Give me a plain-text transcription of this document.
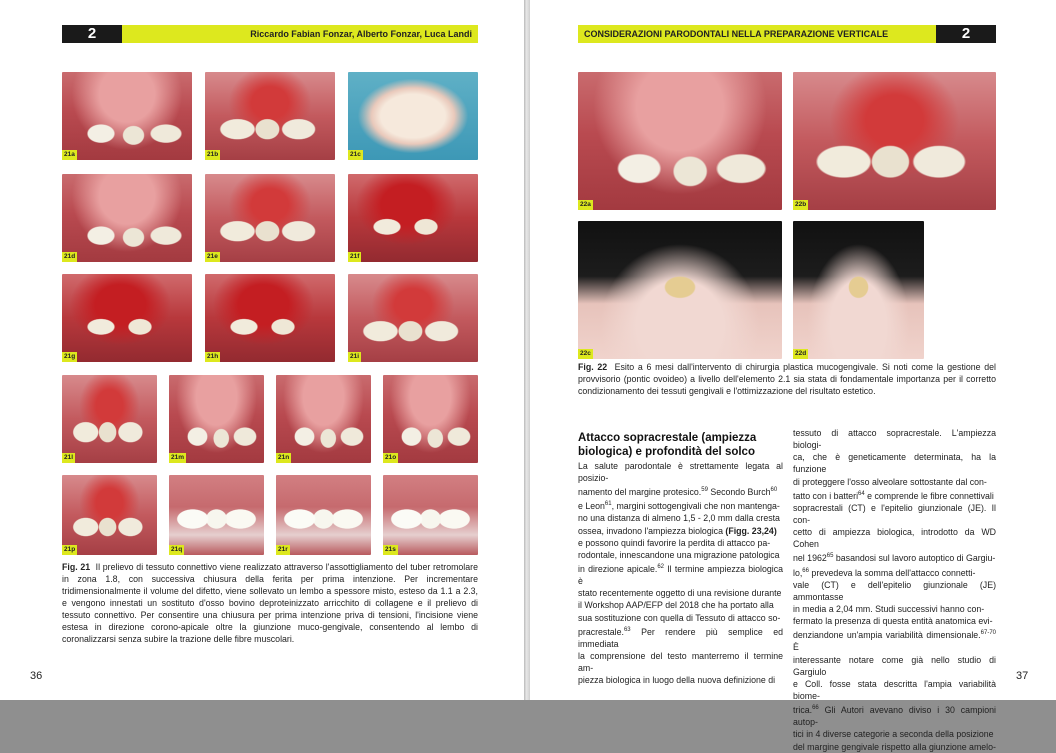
2	Riccardo Fabian Fonzar, Alberto Fonzar, Luca Landi
21a	21b	21c
21d	21e	21f
21g	21h	21i
21l	21m	21n	21o
21p	21q	21r	21s
Fig. 21 Il prelievo di tessuto connettivo viene realizzato attraverso l'assottigliamento del tuber retromolare in zona 1.8, con successiva chiusura della ferita per prima intenzione. Per incrementare tridimensionalmente il volume del difetto, viene sollevato un lembo a spessore misto, esteso da 1.1 a 2.3, e vengono innestati un sostituto d'osso bovino deproteinizzato arricchito di collagene e il prelievo di tessuto connettivo. Per consentire una chiusura per prima intenzione priva di tensioni, l'incisione viene estesa in direzione corono-apicale oltre la giunzione muco-gengivale, consentendo al lembo di coronalizzarsi senza subire la trazione delle fibre muscolari.
36
CONSIDERAZIONI PARODONTALI NELLA PREPARAZIONE VERTICALE	2
22a	22b
22c	22d
Fig. 22 Esito a 6 mesi dall'intervento di chirurgia plastica mucogengivale. Si noti come la gestione del provvisorio (pontic ovoideo) a livello dell'elemento 2.1 sia stata di fondamentale importanza per il corretto condizionamento dei tessuti gengivali e l'ottimizzazione del risultato estetico.
Attacco sopracrestale (ampiezza biologica) e profondità del solco

La salute parodontale è strettamente legata al posizio-

namento del margine protesico.$^{59}$ Secondo Burch$^{60}$

e Leon$^{61}$, margini sottogengivali che non mantenga-

no una distanza di almeno 1,5 - 2,0 mm dalla cresta

ossea, invadono l'ampiezza biologica (Figg. 23,24)

e possono quindi favorire la perdita di attacco pa-

rodontale, innescandone una migrazione patologica

in direzione apicale.$^{62}$ Il termine ampiezza biologica è

stato recentemente oggetto di una revisione durante

il Workshop AAP/EFP del 2018 che ha portato alla

sua sostituzione con quella di Tessuto di attacco so-

pracrestale.$^{63}$ Per rendere più semplice ed immediata

la comprensione del testo manterremo il termine am-

piezza biologica in luogo della nuova definizione di

tessuto di attacco sopracrestale. L'ampiezza biologi-

ca, che è geneticamente determinata, ha la funzione

di proteggere l'osso alveolare sottostante dal con-

tatto con i batteri$^{64}$ e comprende le fibre connettivali

sopracrestali (CT) e l'epitelio giunzionale (JE). Il con-

cetto di ampiezza biologica, introdotto da WD Cohen

nel 1962$^{65}$ basandosi sul lavoro autoptico di Gargiu-

lo,$^{66}$ prevedeva la somma dell'attacco connetti-

vale (CT) e dell'epitelio giunzionale (JE) ammontasse

in media a 2,04 mm. Studi successivi hanno con-

fermato la presenza di questa entità anatomica evi-

denziandone un'ampia variabilità dimensionale.$^{67-70}$ È

interessante notare come già nello studio di Gargiulo

e Coll. fosse stata descritta l'ampia variabilità biome-

trica.$^{66}$ Gli Autori avevano diviso i 30 campioni autop-

tici in 4 diverse categorie a seconda della posizione

del margine gengivale rispetto alla giunzione amelo-

37
